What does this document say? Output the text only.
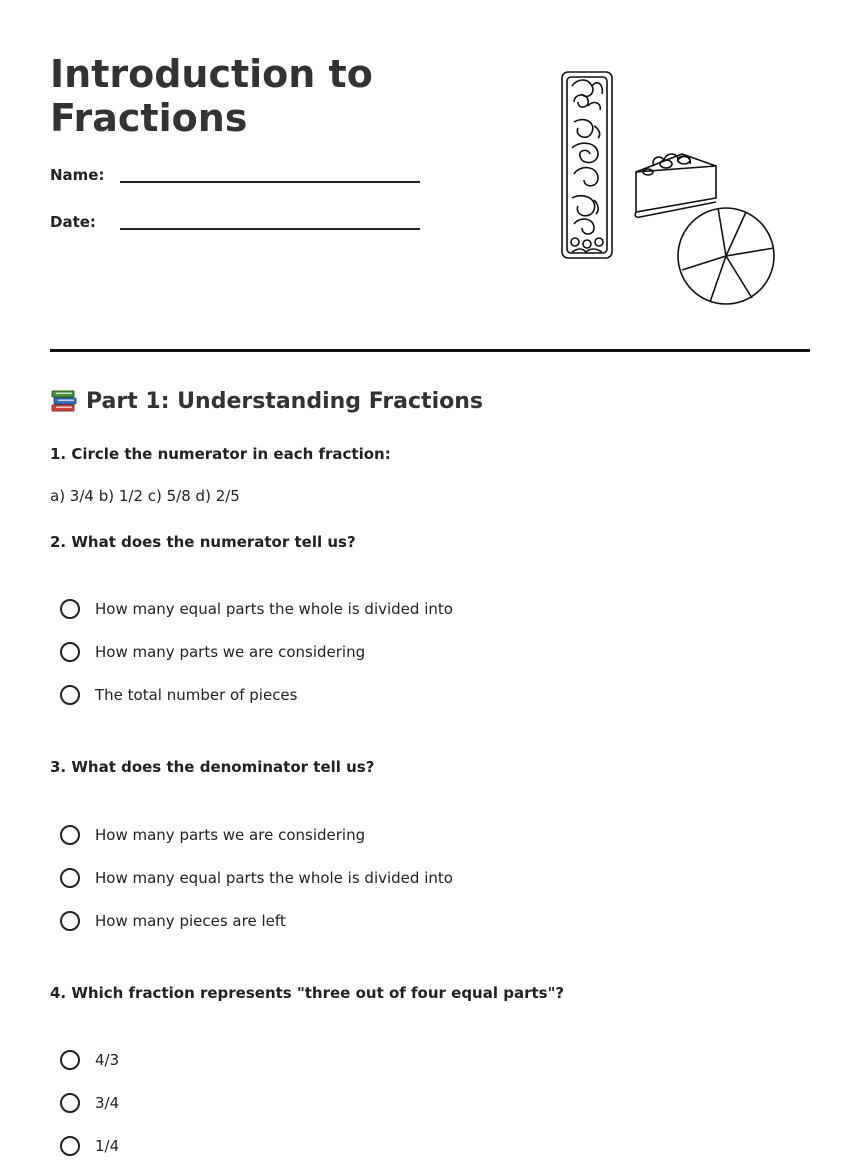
Introduction to Fractions
Name:
Date:
Part 1: Understanding Fractions

1. Circle the numerator in each fraction:

a) 3/4 b) 1/2 c) 5/8 d) 2/5

2. What does the numerator tell us?

How many equal parts the whole is divided into
How many parts we are considering
The total number of pieces

3. What does the denominator tell us?

How many parts we are considering
How many equal parts the whole is divided into
How many pieces are left

4. Which fraction represents "three out of four equal parts"?

4/3
3/4
1/4
